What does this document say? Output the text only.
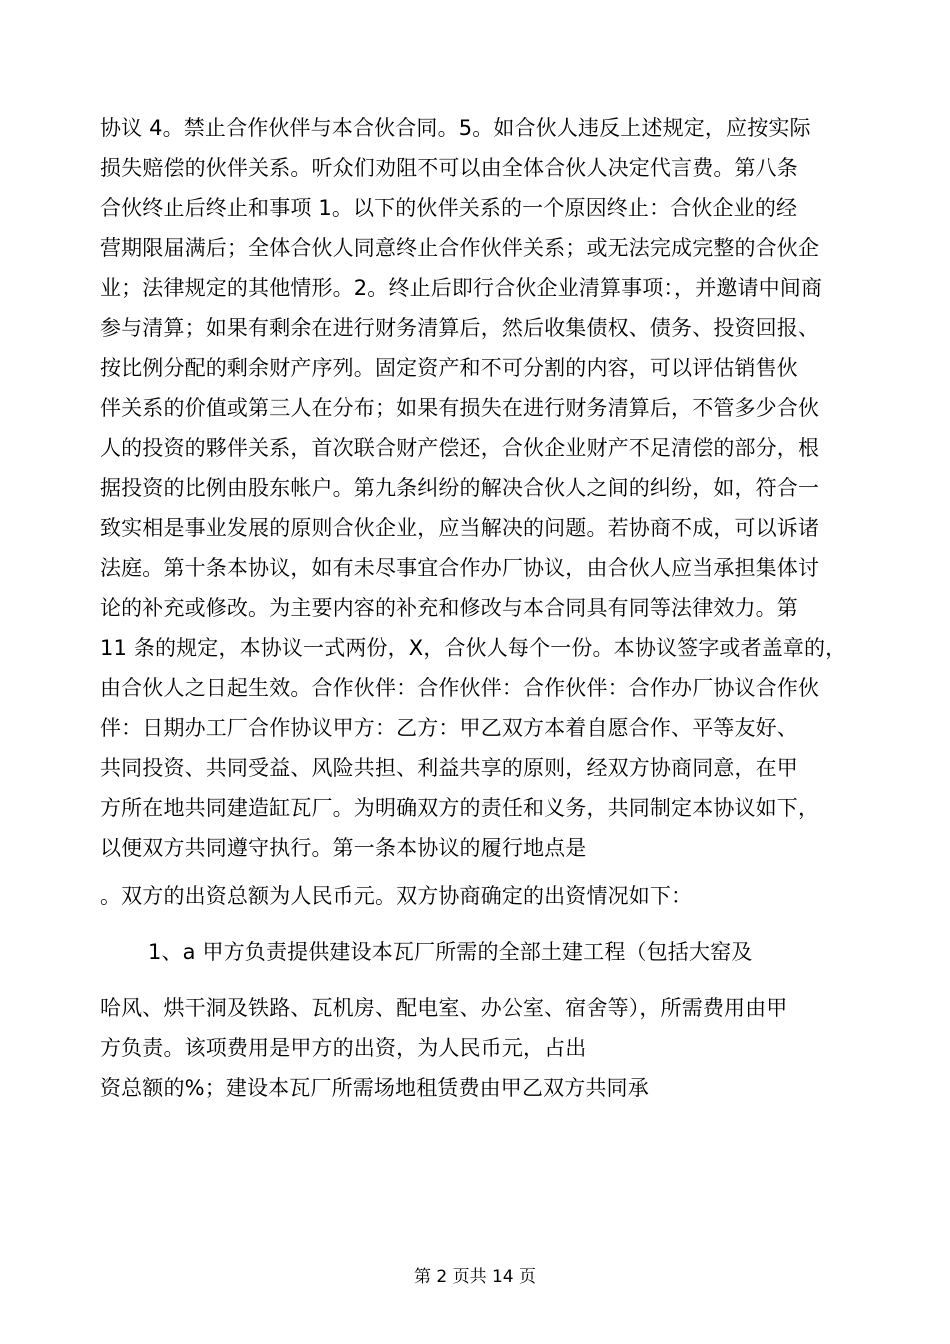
协议 4。禁止合作伙伴与本合伙合同。5。如合伙人违反上述规定，应按实际
损失赔偿的伙伴关系。听众们劝阻不可以由全体合伙人决定代言费。第八条
合伙终止后终止和事项 1。以下的伙伴关系的一个原因终止：合伙企业的经
营期限届满后；全体合伙人同意终止合作伙伴关系；或无法完成完整的合伙企
业；法律规定的其他情形。2。终止后即行合伙企业清算事项：，并邀请中间商
参与清算；如果有剩余在进行财务清算后，然后收集债权、债务、投资回报、
按比例分配的剩余财产序列。固定资产和不可分割的内容，可以评估销售伙
伴关系的价值或第三人在分布；如果有损失在进行财务清算后，不管多少合伙
人的投资的夥伴关系，首次联合财产偿还，合伙企业财产不足清偿的部分，根
据投资的比例由股东帐户。第九条纠纷的解决合伙人之间的纠纷，如，符合一
致实相是事业发展的原则合伙企业，应当解决的问题。若协商不成，可以诉诸
法庭。第十条本协议，如有未尽事宜合作办厂协议，由合伙人应当承担集体讨
论的补充或修改。为主要内容的补充和修改与本合同具有同等法律效力。第
11 条的规定，本协议一式两份，X，合伙人每个一份。本协议签字或者盖章的，
由合伙人之日起生效。合作伙伴：合作伙伴：合作伙伴：合作办厂协议合作伙
伴：日期办工厂合作协议甲方：乙方：甲乙双方本着自愿合作、平等友好、
共同投资、共同受益、风险共担、利益共享的原则，经双方协商同意，在甲
方所在地共同建造缸瓦厂。为明确双方的责任和义务，共同制定本协议如下，
以便双方共同遵守执行。第一条本协议的履行地点是
。双方的出资总额为人民币元。双方协商确定的出资情况如下：
1、a 甲方负责提供建设本瓦厂所需的全部土建工程（包括大窑及
哈风、烘干洞及铁路、瓦机房、配电室、办公室、宿舍等），所需费用由甲
方负责。该项费用是甲方的出资，为人民币元，占出
资总额的%；建设本瓦厂所需场地租赁费由甲乙双方共同承
第 2 页共 14 页
